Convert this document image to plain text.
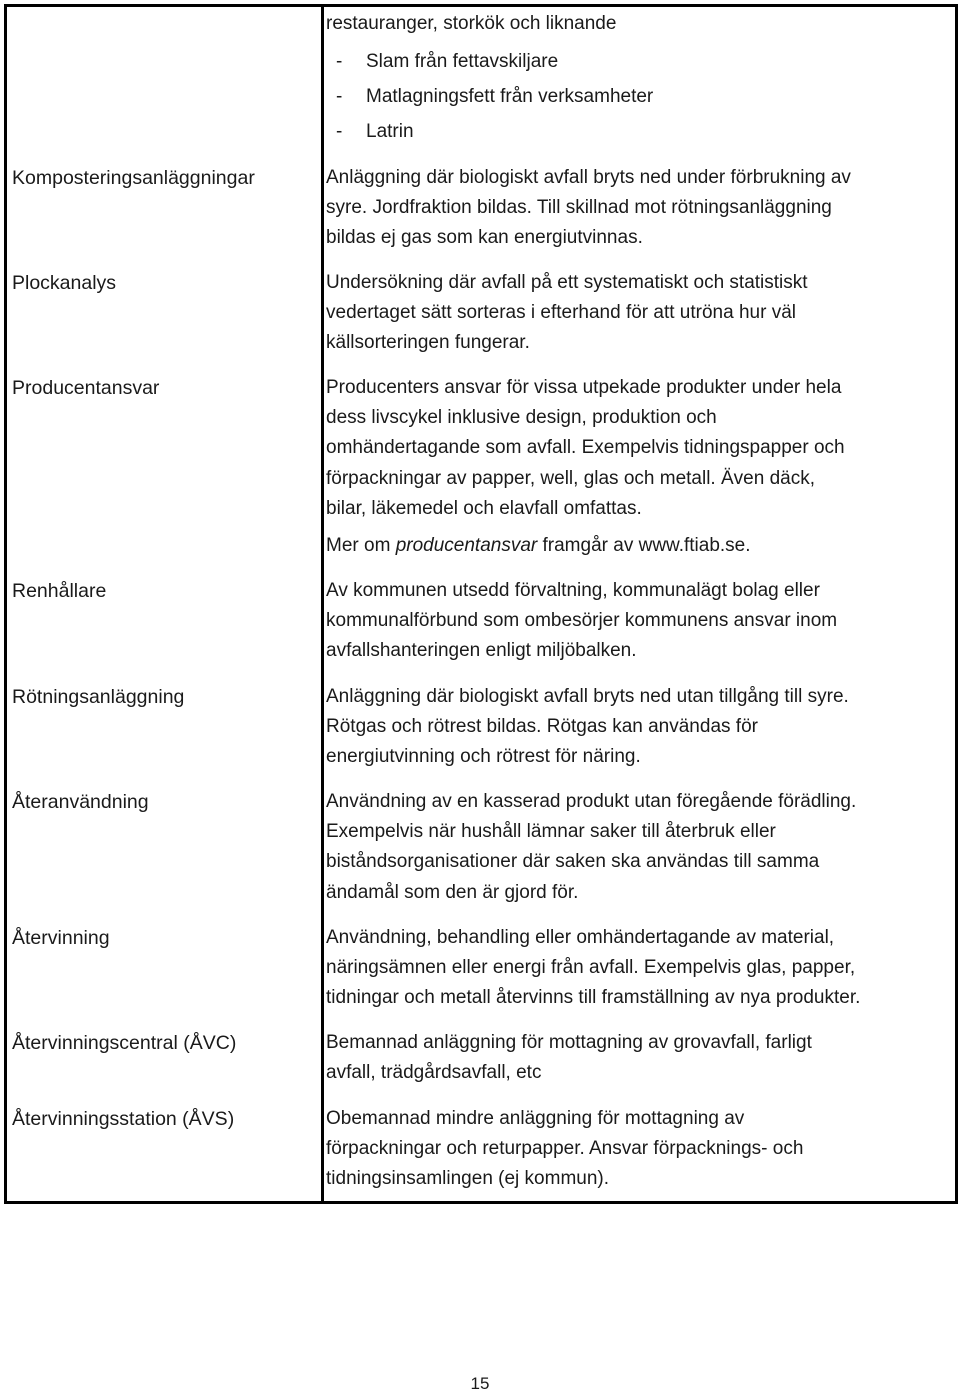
restauranger, storkök och liknande
- Slam från fettavskiljare
- Matlagningsfett från verksamheter
- Latrin
Komposteringsanläggningar	Anläggning där biologiskt avfall bryts ned under förbrukning av
syre. Jordfraktion bildas. Till skillnad mot rötningsanläggning
bildas ej gas som kan energiutvinnas.
Plockanalys	Undersökning där avfall på ett systematiskt och statistiskt
vedertaget sätt sorteras i efterhand för att utröna hur väl
källsorteringen fungerar.
Producentansvar	Producenters ansvar för vissa utpekade produkter under hela
dess livscykel inklusive design, produktion och
omhändertagande som avfall. Exempelvis tidningspapper och
förpackningar av papper, well, glas och metall. Även däck,
bilar, läkemedel och elavfall omfattas.
Mer om producentansvar framgår av www.ftiab.se.
Renhållare	Av kommunen utsedd förvaltning, kommunalägt bolag eller
kommunalförbund som ombesörjer kommunens ansvar inom
avfallshanteringen enligt miljöbalken.
Rötningsanläggning	Anläggning där biologiskt avfall bryts ned utan tillgång till syre.
Rötgas och rötrest bildas. Rötgas kan användas för
energiutvinning och rötrest för näring.
Återanvändning	Användning av en kasserad produkt utan föregående förädling.
Exempelvis när hushåll lämnar saker till återbruk eller
biståndsorganisationer där saken ska användas till samma
ändamål som den är gjord för.
Återvinning	Användning, behandling eller omhändertagande av material,
näringsämnen eller energi från avfall. Exempelvis glas, papper,
tidningar och metall återvinns till framställning av nya produkter.
Återvinningscentral (ÅVC)	Bemannad anläggning för mottagning av grovavfall, farligt
avfall, trädgårdsavfall, etc
Återvinningsstation (ÅVS)	Obemannad mindre anläggning för mottagning av
förpackningar och returpapper. Ansvar förpacknings- och
tidningsinsamlingen (ej kommun).
15
